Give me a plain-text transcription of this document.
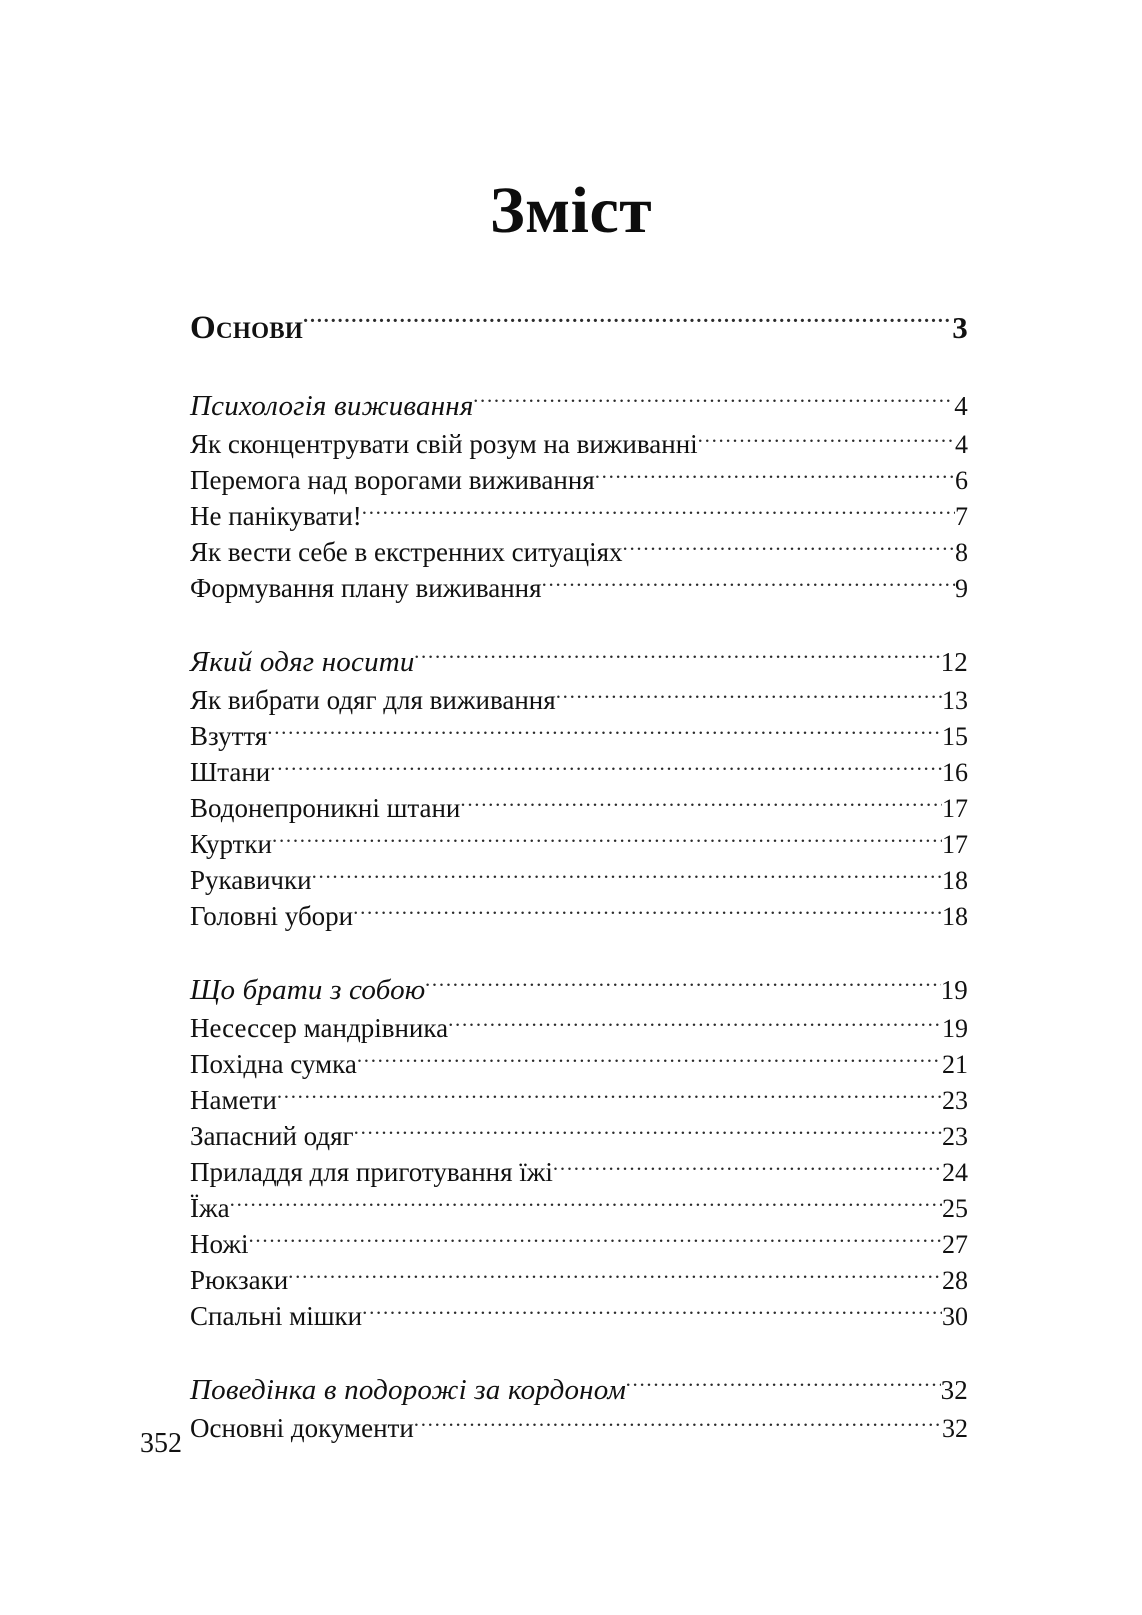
Зміст
Основи .....	3
Психологія виживання .....	4
Як сконцентрувати свій розум на виживанні .....	4
Перемога над ворогами виживання .....	6
Не панікувати! .....	7
Як вести себе в екстренних ситуаціях .....	8
Формування плану виживання .....	9
Який одяг носити .....	12
Як вибрати одяг для виживання .....	13
Взуття .....	15
Штани .....	16
Водонепроникні штани .....	17
Куртки .....	17
Рукавички .....	18
Головні убори .....	18
Що брати з собою .....	19
Несессер мандрівника .....	19
Похідна сумка .....	21
Намети .....	23
Запасний одяг .....	23
Приладдя для приготування їжі .....	24
Їжа .....	25
Ножі .....	27
Рюкзаки .....	28
Спальні мішки .....	30
Поведінка в подорожі за кордоном .....	32
Основні документи .....	32
352
